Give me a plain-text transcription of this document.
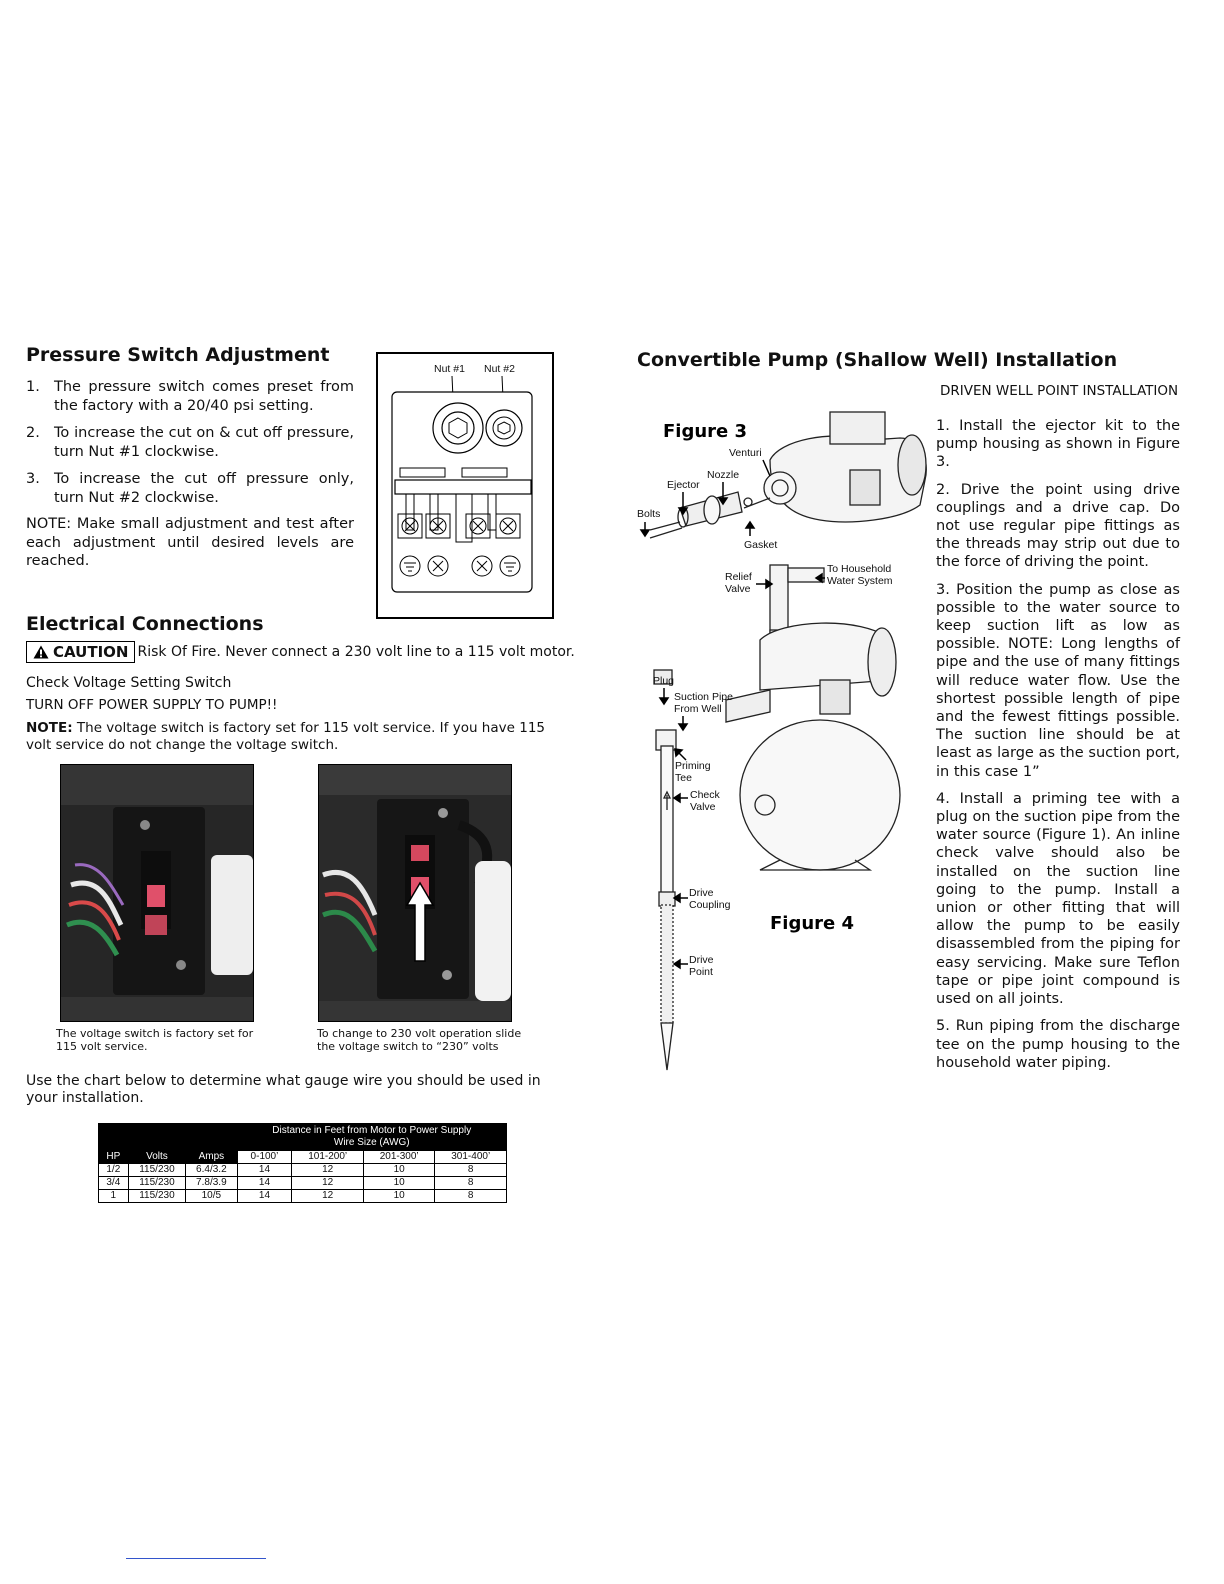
Pressure Switch Adjustment
1. The pressure switch comes preset from the factory with a 20/40 psi setting.
2. To increase the cut on & cut off pressure, turn Nut #1 clockwise.
3. To increase the cut off pressure only, turn Nut #2 clockwise.

NOTE: Make small adjustment and test after each adjustment until desired levels are reached.

Nut #1 Nut #2
Electrical Connections
CAUTION Risk Of Fire. Never connect a 230 volt line to a 115 volt motor.

Check Voltage Setting Switch

TURN OFF POWER SUPPLY TO PUMP!!

NOTE: The voltage switch is factory set for 115 volt service. If you have 115 volt service do not change the voltage switch.

The voltage switch is factory set for 115 volt service.

To change to 230 volt operation slide the voltage switch to “230” volts

Use the chart below to determine what gauge wire you should be used in your installation.

			Distance in Feet from Motor to Power Supply
Wire Size (AWG)			

HP	Volts	Amps	0-100’	101-200’	201-300’	301-400’
1/2	115/230	6.4/3.2	14	12	10	8
3/4	115/230	7.8/3.9	14	12	10	8
1	115/230	10/5	14	12	10	8
Convertible Pump (Shallow Well) Installation

DRIVEN WELL POINT INSTALLATION

Figure 3
Venturi
Nozzle
Ejector
Bolts
Gasket
Relief
Valve
To Household
Water System
Plug
Suction Pipe
From Well
Priming
Tee
Check
Valve
Drive
Coupling
Drive
Point
Figure 4

1. Install the ejector kit to the pump housing as shown in Figure 3.

2. Drive the point using drive couplings and a drive cap. Do not use regular pipe fittings as the threads may strip out due to the force of driving the point.

3. Position the pump as close as possible to the water source to keep suction lift as low as possible. NOTE: Long lengths of pipe and the use of many fittings will reduce water flow. Use the shortest possible length of pipe and the fewest fittings possible. The suction line should be at least as large as the suction port, in this case 1”

4. Install a priming tee with a plug on the suction pipe from the water source (Figure 1). An inline check valve should also be installed on the suction line going to the pump. Install a union or other fitting that will allow the pump to be easily disassembled from the piping for easy servicing. Make sure Teflon tape or pipe joint compound is used on all joints.

5. Run piping from the discharge tee on the pump housing to the household water piping.
